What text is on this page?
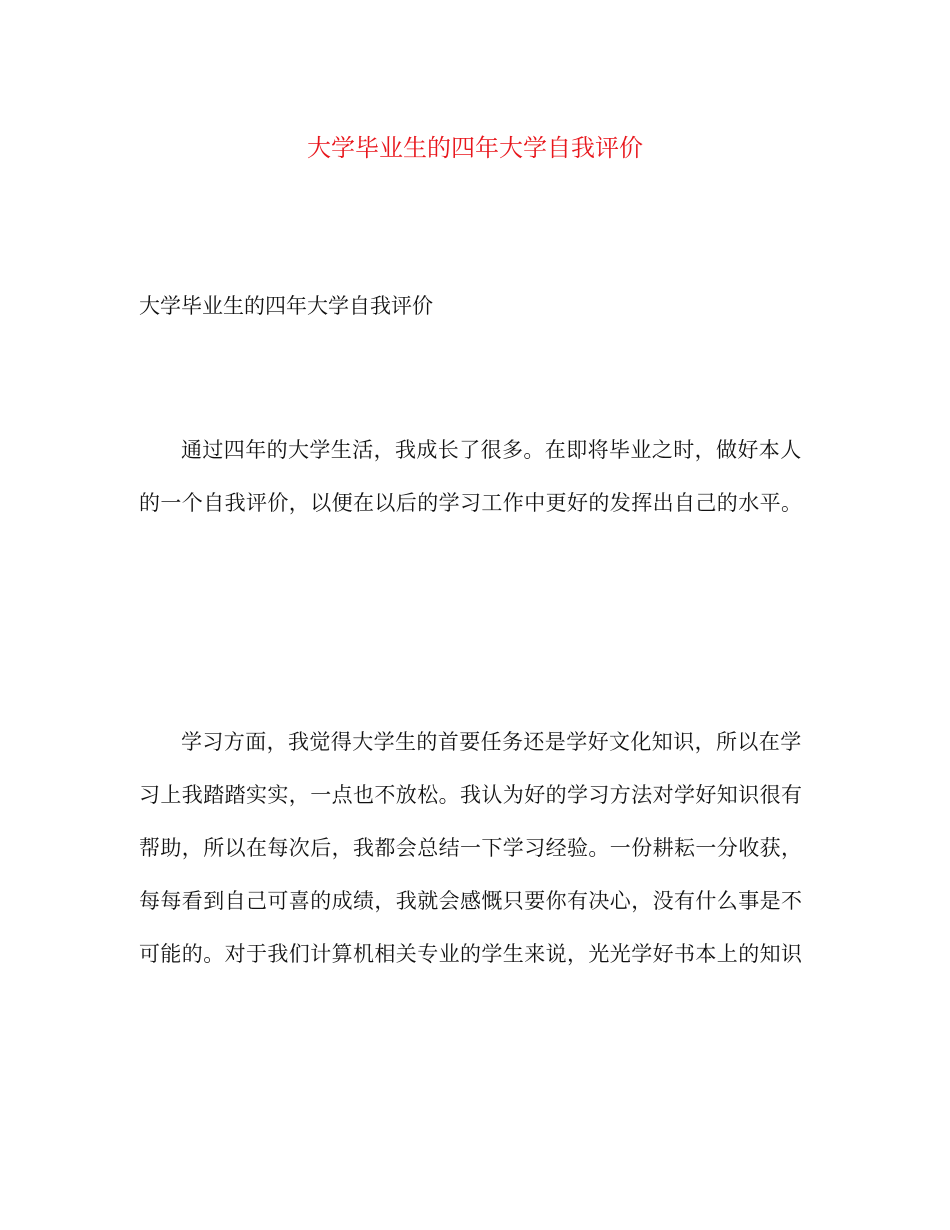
大学毕业生的四年大学自我评价

大学毕业生的四年大学自我评价

通过四年的大学生活，我成长了很多。在即将毕业之时，做好本人
的一个自我评价，以便在以后的学习工作中更好的发挥出自己的水平。
学习方面，我觉得大学生的首要任务还是学好文化知识，所以在学
习上我踏踏实实，一点也不放松。我认为好的学习方法对学好知识很有
帮助，所以在每次后，我都会总结一下学习经验。一份耕耘一分收获，
每每看到自己可喜的成绩，我就会感慨只要你有决心，没有什么事是不
可能的。对于我们计算机相关专业的学生来说，光光学好书本上的知识
